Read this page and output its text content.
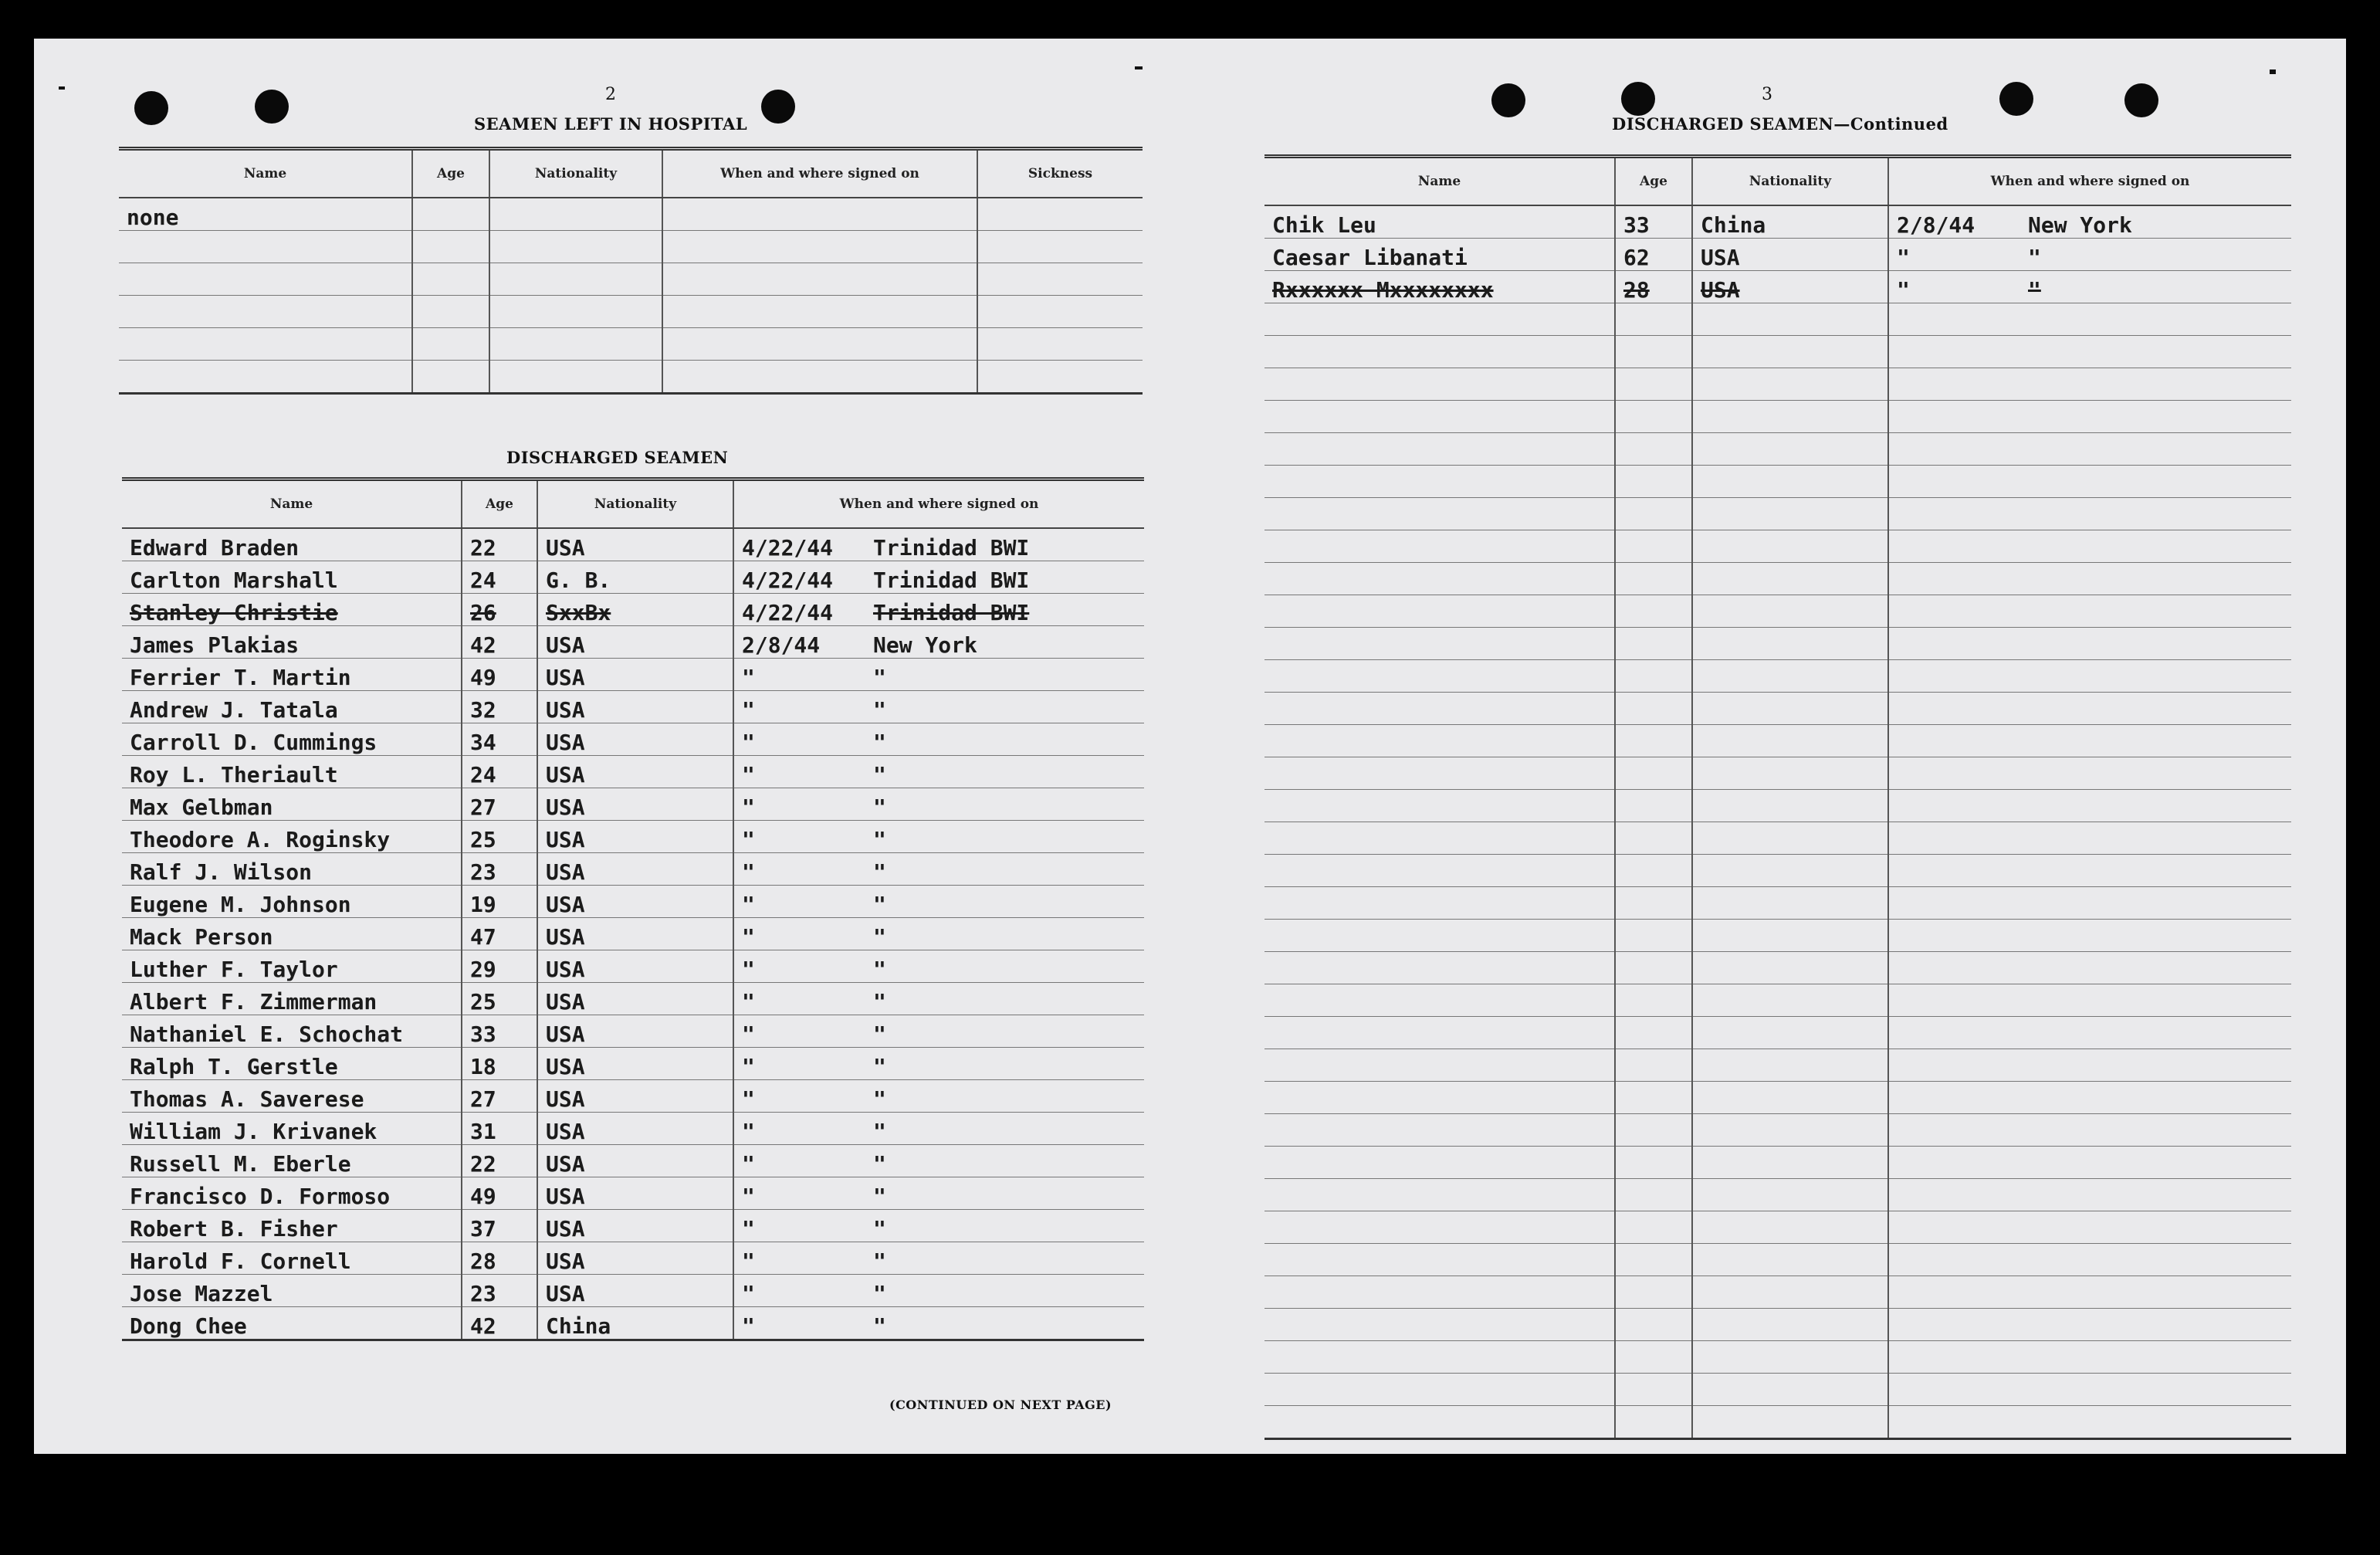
2
SEAMEN LEFT IN HOSPITAL
Name	Age	Nationality	When and where signed on	Sickness
none				

DISCHARGED SEAMEN
Name	Age	Nationality	When and where signed on
Edward Braden	22	USA	4/22/44 Trinidad BWI
Carlton Marshall	24	G. B.	4/22/44 Trinidad BWI
Stanley Christie	26	SxxBx	4/22/44 Trinidad BWI
James Plakias	42	USA	2/8/44 New York
Ferrier T. Martin	49	USA	" "
Andrew J. Tatala	32	USA	" "
Carroll D. Cummings	34	USA	" "
Roy L. Theriault	24	USA	" "
Max Gelbman	27	USA	" "
Theodore A. Roginsky	25	USA	" "
Ralf J. Wilson	23	USA	" "
Eugene M. Johnson	19	USA	" "
Mack Person	47	USA	" "
Luther F. Taylor	29	USA	" "
Albert F. Zimmerman	25	USA	" "
Nathaniel E. Schochat	33	USA	" "
Ralph T. Gerstle	18	USA	" "
Thomas A. Saverese	27	USA	" "
William J. Krivanek	31	USA	" "
Russell M. Eberle	22	USA	" "
Francisco D. Formoso	49	USA	" "
Robert B. Fisher	37	USA	" "
Harold F. Cornell	28	USA	" "
Jose Mazzel	23	USA	" "
Dong Chee	42	China	" "
(CONTINUED ON NEXT PAGE)
3
DISCHARGED SEAMEN—Continued
Name	Age	Nationality	When and where signed on
Chik Leu	33	China	2/8/44 New York
Caesar Libanati	62	USA	" "
Rxxxxxx Mxxxxxxxx	28	USA	" "
